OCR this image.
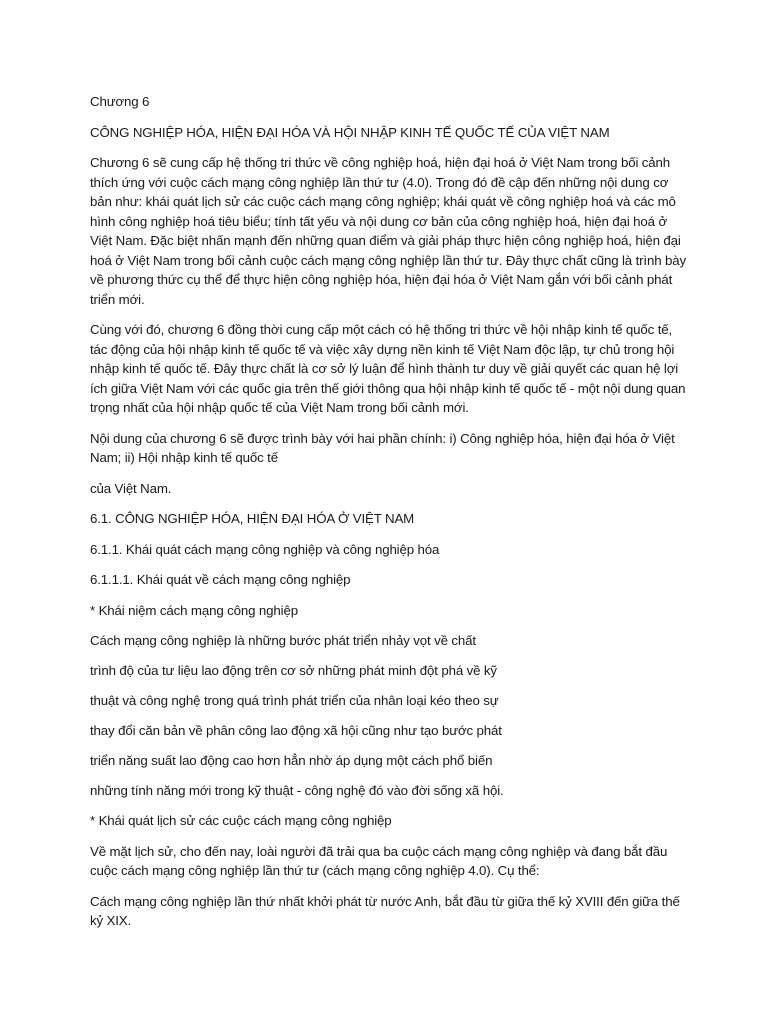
Chương 6

CÔNG NGHIỆP HÓA, HIỆN ĐẠI HÓA VÀ HỘI NHẬP KINH TẾ QUỐC TẾ CỦA VIỆT NAM

Chương 6 sẽ cung cấp hệ thống tri thức về công nghiệp hoá, hiện đại hoá ở Việt Nam trong bối cảnh thích ứng với cuộc cách mạng công nghiệp lần thứ tư (4.0). Trong đó đề cập đến những nội dung cơ bản như: khái quát lịch sử các cuộc cách mạng công nghiệp; khái quát về công nghiệp hoá và các mô hình công nghiệp hoá tiêu biểu; tính tất yếu và nội dung cơ bản của công nghiệp hoá, hiện đại hoá ở Việt Nam. Đặc biệt nhấn mạnh đến những quan điểm và giải pháp thực hiện công nghiệp hoá, hiện đại hoá ở Việt Nam trong bối cảnh cuộc cách mạng công nghiệp lần thứ tư. Đây thực chất cũng là trình bày về phương thức cụ thể để thực hiện công nghiệp hóa, hiện đại hóa ở Việt Nam gắn với bối cảnh phát triển mới.

Cùng với đó, chương 6 đồng thời cung cấp một cách có hệ thống tri thức về hội nhập kinh tế quốc tế, tác động của hội nhập kinh tế quốc tế và việc xây dựng nền kinh tế Việt Nam độc lập, tự chủ trong hội nhập kinh tế quốc tế. Đây thực chất là cơ sở lý luận để hình thành tư duy về giải quyết các quan hệ lợi ích giữa Việt Nam với các quốc gia trên thế giới thông qua hội nhập kinh tế quốc tế - một nội dung quan trọng nhất của hội nhập quốc tế của Việt Nam trong bối cảnh mới.

Nội dung của chương 6 sẽ được trình bày với hai phần chính: i) Công nghiệp hóa, hiện đại hóa ở Việt Nam; ii) Hội nhập kinh tế quốc tế

của Việt Nam.

6.1. CÔNG NGHIỆP HÓA, HIỆN ĐẠI HÓA Ở VIỆT NAM

6.1.1. Khái quát cách mạng công nghiệp và công nghiệp hóa

6.1.1.1. Khái quát về cách mạng công nghiệp

* Khái niệm cách mạng công nghiệp

Cách mạng công nghiệp là những bước phát triển nhảy vọt về chất

trình độ của tư liệu lao động trên cơ sở những phát minh đột phá về kỹ

thuật và công nghệ trong quá trình phát triển của nhân loại kéo theo sự

thay đổi căn bản về phân công lao động xã hội cũng như tạo bước phát

triển năng suất lao động cao hơn hẳn nhờ áp dụng một cách phổ biến

những tính năng mới trong kỹ thuật - công nghệ đó vào đời sống xã hội.

* Khái quát lịch sử các cuộc cách mạng công nghiệp

Về mặt lịch sử, cho đến nay, loài người đã trải qua ba cuộc cách mạng công nghiệp và đang bắt đầu cuộc cách mạng công nghiệp lần thứ tư (cách mạng công nghiệp 4.0). Cụ thể:

Cách mạng công nghiệp lần thứ nhất khởi phát từ nước Anh, bắt đầu từ giữa thế kỷ XVIII đến giữa thế kỷ XIX.
